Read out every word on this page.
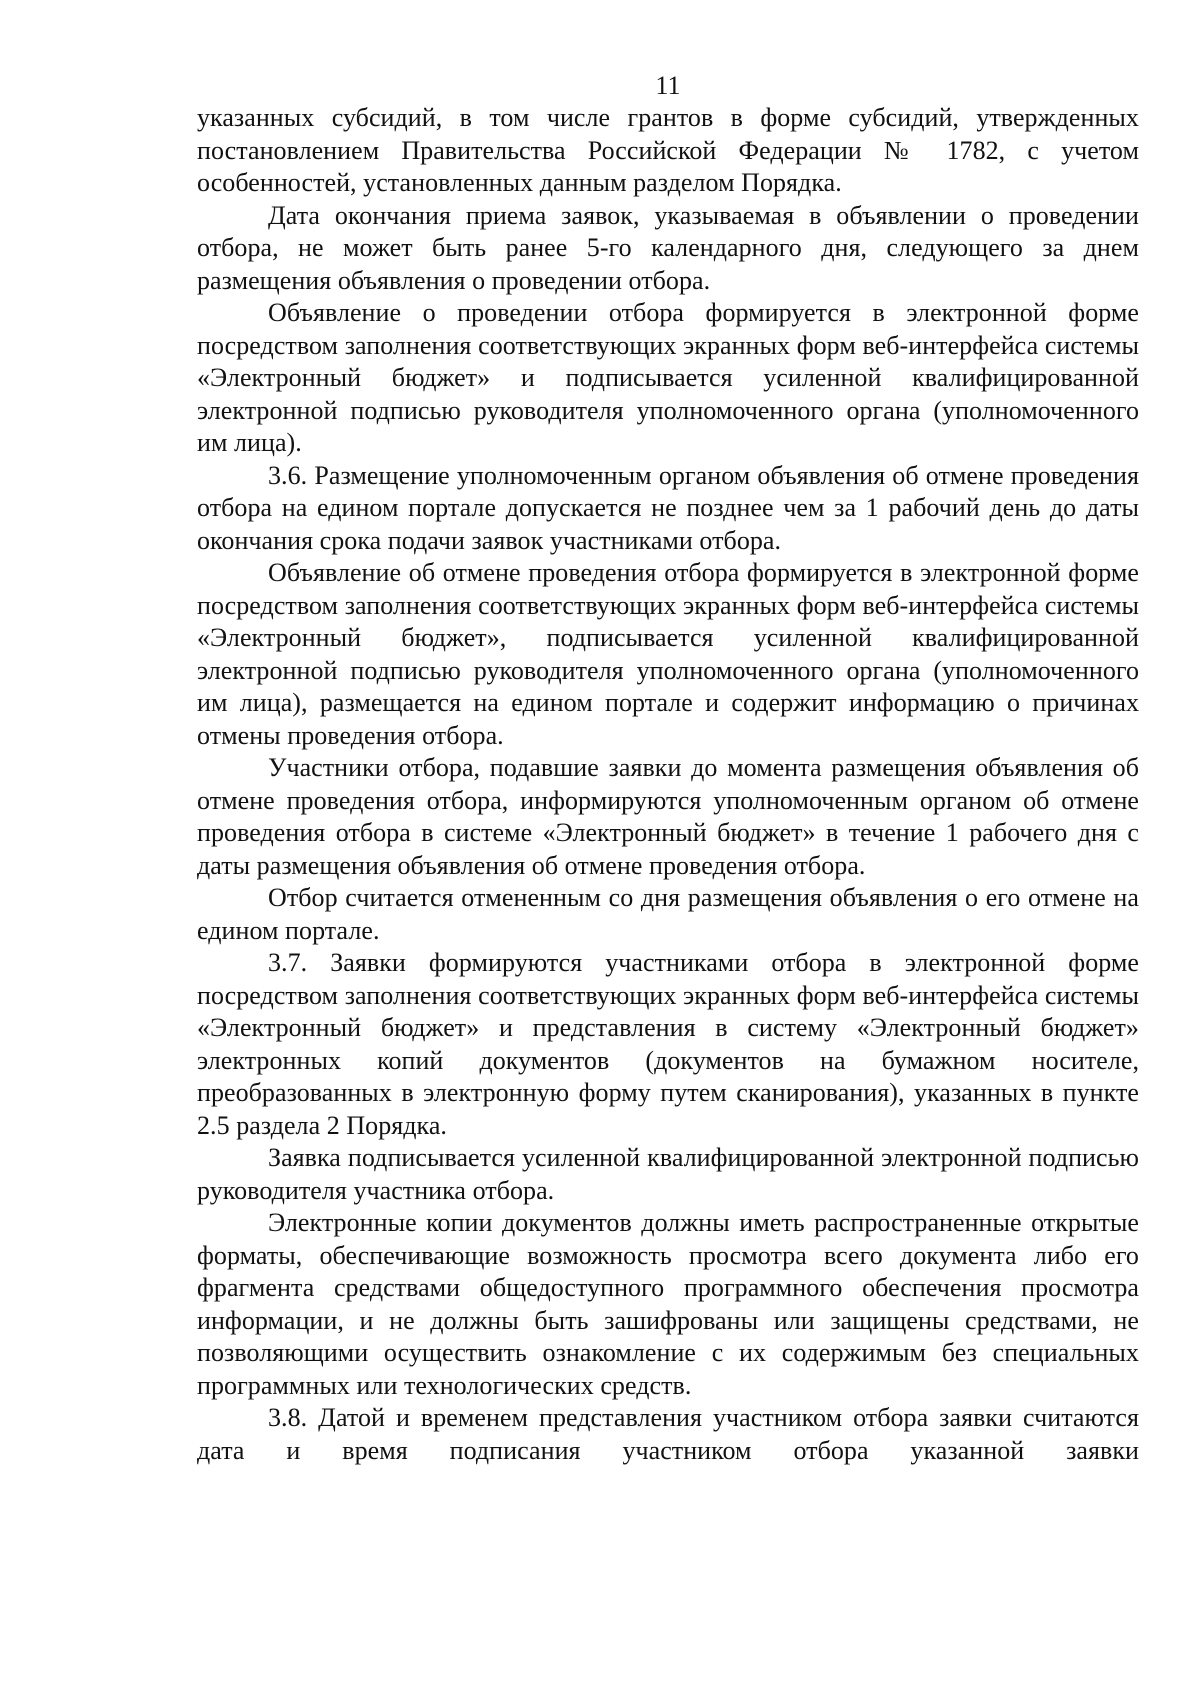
11

указанных субсидий, в том числе грантов в форме субсидий, утвержденных постановлением Правительства Российской Федерации № 1782, с учетом особенностей, установленных данным разделом Порядка.

Дата окончания приема заявок, указываемая в объявлении о проведении отбора, не может быть ранее 5-го календарного дня, следующего за днем размещения объявления о проведении отбора.

Объявление о проведении отбора формируется в электронной форме посредством заполнения соответствующих экранных форм веб-интерфейса системы «Электронный бюджет» и подписывается усиленной квалифицированной электронной подписью руководителя уполномоченного органа (уполномоченного им лица).

3.6. Размещение уполномоченным органом объявления об отмене проведения отбора на едином портале допускается не позднее чем за 1 рабочий день до даты окончания срока подачи заявок участниками отбора.

Объявление об отмене проведения отбора формируется в электронной форме посредством заполнения соответствующих экранных форм веб-интерфейса системы «Электронный бюджет», подписывается усиленной квалифицированной электронной подписью руководителя уполномоченного органа (уполномоченного им лица), размещается на едином портале и содержит информацию о причинах отмены проведения отбора.

Участники отбора, подавшие заявки до момента размещения объявления об отмене проведения отбора, информируются уполномоченным органом об отмене проведения отбора в системе «Электронный бюджет» в течение 1 рабочего дня с даты размещения объявления об отмене проведения отбора.

Отбор считается отмененным со дня размещения объявления о его отмене на едином портале.

3.7. Заявки формируются участниками отбора в электронной форме посредством заполнения соответствующих экранных форм веб-интерфейса системы «Электронный бюджет» и представления в систему «Электронный бюджет» электронных копий документов (документов на бумажном носителе, преобразованных в электронную форму путем сканирования), указанных в пункте 2.5 раздела 2 Порядка.

Заявка подписывается усиленной квалифицированной электронной подписью руководителя участника отбора.

Электронные копии документов должны иметь распространенные открытые форматы, обеспечивающие возможность просмотра всего документа либо его фрагмента средствами общедоступного программного обеспечения просмотра информации, и не должны быть зашифрованы или защищены средствами, не позволяющими осуществить ознакомление с их содержимым без специальных программных или технологических средств.

3.8. Датой и временем представления участником отбора заявки считаются дата и время подписания участником отбора указанной заявки
